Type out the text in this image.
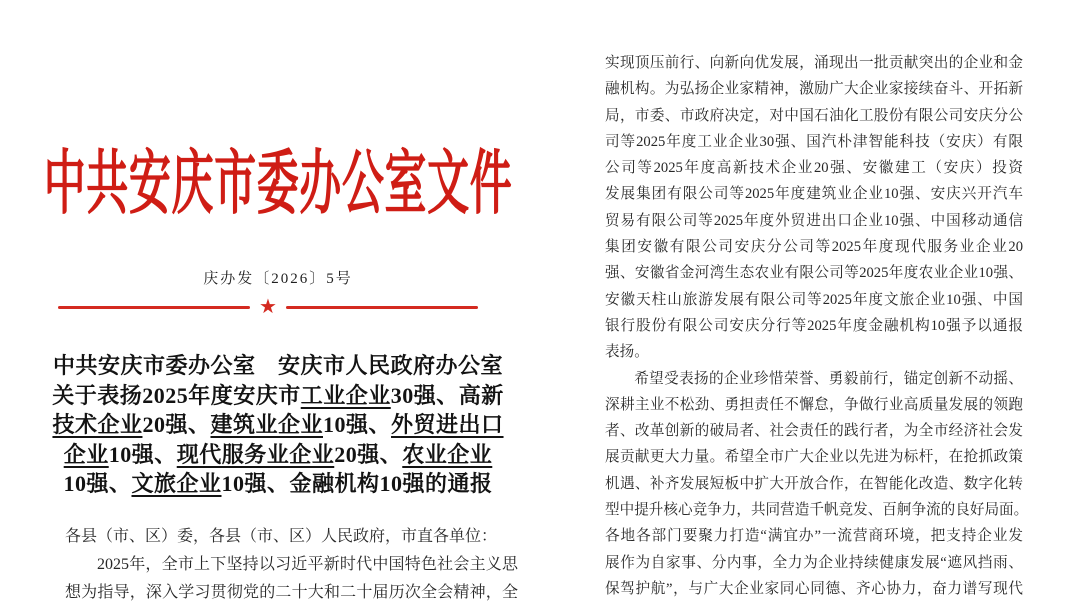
中共安庆市委办公室文件
庆办发〔2026〕5号
★
中共安庆市委办公室　安庆市人民政府办公室
关于表扬2025年度安庆市工业企业30强、高新
技术企业20强、建筑业企业10强、外贸进出口
企业10强、现代服务业企业20强、农业企业
10强、文旅企业10强、金融机构10强的通报
各县（市、区）委，各县（市、区）人民政府，市直各单位：
2025年，全市上下坚持以习近平新时代中国特色社会主义思
想为指导，深入学习贯彻党的二十大和二十届历次全会精神，全
实现顶压前行、向新向优发展，涌现出一批贡献突出的企业和金
融机构。为弘扬企业家精神，激励广大企业家接续奋斗、开拓新
局，市委、市政府决定，对中国石油化工股份有限公司安庆分公
司等2025年度工业企业30强、国汽朴津智能科技（安庆）有限
公司等2025年度高新技术企业20强、安徽建工（安庆）投资
发展集团有限公司等2025年度建筑业企业10强、安庆兴开汽车
贸易有限公司等2025年度外贸进出口企业10强、中国移动通信
集团安徽有限公司安庆分公司等2025年度现代服务业企业20
强、安徽省金河湾生态农业有限公司等2025年度农业企业10强、
安徽天柱山旅游发展有限公司等2025年度文旅企业10强、中国
银行股份有限公司安庆分行等2025年度金融机构10强予以通报
表扬。
希望受表扬的企业珍惜荣誉、勇毅前行，锚定创新不动摇、
深耕主业不松劲、勇担责任不懈怠，争做行业高质量发展的领跑
者、改革创新的破局者、社会责任的践行者，为全市经济社会发
展贡献更大力量。希望全市广大企业以先进为标杆，在抢抓政策
机遇、补齐发展短板中扩大开放合作，在智能化改造、数字化转
型中提升核心竞争力，共同营造千帆竞发、百舸争流的良好局面。
各地各部门要聚力打造“满宜办”一流营商环境，把支持企业发
展作为自家事、分内事，全力为企业持续健康发展“遮风挡雨、
保驾护航”，与广大企业家同心同德、齐心协力，奋力谱写现代
